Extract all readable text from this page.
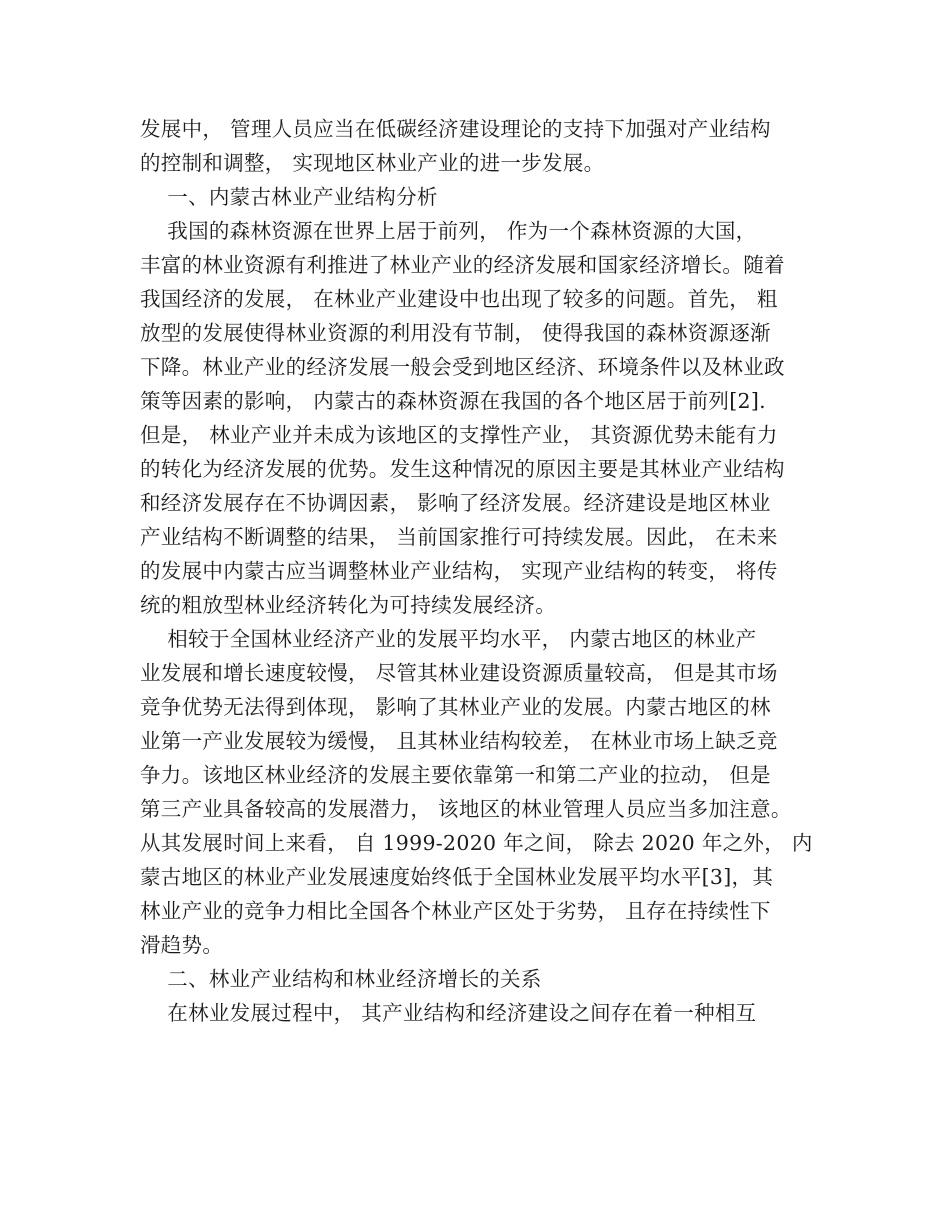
发展中， 管理人员应当在低碳经济建设理论的支持下加强对产业结构
的控制和调整， 实现地区林业产业的进一步发展。
一、内蒙古林业产业结构分析
我国的森林资源在世界上居于前列， 作为一个森林资源的大国，
丰富的林业资源有利推进了林业产业的经济发展和国家经济增长。随着
我国经济的发展， 在林业产业建设中也出现了较多的问题。首先， 粗
放型的发展使得林业资源的利用没有节制， 使得我国的森林资源逐渐
下降。林业产业的经济发展一般会受到地区经济、环境条件以及林业政
策等因素的影响， 内蒙古的森林资源在我国的各个地区居于前列[2].
但是， 林业产业并未成为该地区的支撑性产业， 其资源优势未能有力
的转化为经济发展的优势。发生这种情况的原因主要是其林业产业结构
和经济发展存在不协调因素， 影响了经济发展。经济建设是地区林业
产业结构不断调整的结果， 当前国家推行可持续发展。因此， 在未来
的发展中内蒙古应当调整林业产业结构， 实现产业结构的转变， 将传
统的粗放型林业经济转化为可持续发展经济。
相较于全国林业经济产业的发展平均水平， 内蒙古地区的林业产
业发展和增长速度较慢， 尽管其林业建设资源质量较高， 但是其市场
竞争优势无法得到体现， 影响了其林业产业的发展。内蒙古地区的林
业第一产业发展较为缓慢， 且其林业结构较差， 在林业市场上缺乏竞
争力。该地区林业经济的发展主要依靠第一和第二产业的拉动， 但是
第三产业具备较高的发展潜力， 该地区的林业管理人员应当多加注意。
从其发展时间上来看， 自 1999-2020 年之间， 除去 2020 年之外， 内
蒙古地区的林业产业发展速度始终低于全国林业发展平均水平[3]，其
林业产业的竞争力相比全国各个林业产区处于劣势， 且存在持续性下
滑趋势。
二、林业产业结构和林业经济增长的关系
在林业发展过程中， 其产业结构和经济建设之间存在着一种相互
